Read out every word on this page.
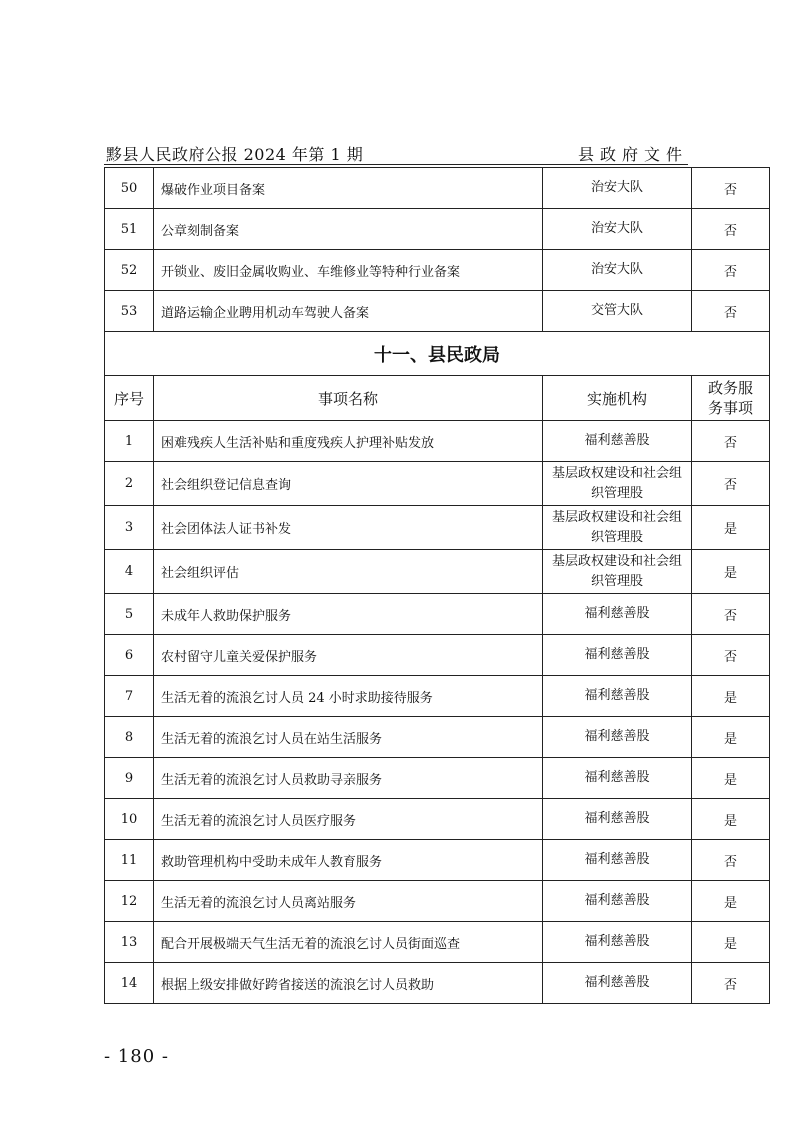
黟县人民政府公报 2024 年第 1 期	县政府文件
50	爆破作业项目备案	治安大队	否
51	公章刻制备案	治安大队	否
52	开锁业、废旧金属收购业、车维修业等特种行业备案	治安大队	否
53	道路运输企业聘用机动车驾驶人备案	交管大队	否
十一、县民政局			
序号	事项名称	实施机构	政务服
务事项
1	困难残疾人生活补贴和重度残疾人护理补贴发放	福利慈善股	否
2	社会组织登记信息查询	基层政权建设和社会组
织管理股	否
3	社会团体法人证书补发	基层政权建设和社会组
织管理股	是
4	社会组织评估	基层政权建设和社会组
织管理股	是
5	未成年人救助保护服务	福利慈善股	否
6	农村留守儿童关爱保护服务	福利慈善股	否
7	生活无着的流浪乞讨人员 24 小时求助接待服务	福利慈善股	是
8	生活无着的流浪乞讨人员在站生活服务	福利慈善股	是
9	生活无着的流浪乞讨人员救助寻亲服务	福利慈善股	是
10	生活无着的流浪乞讨人员医疗服务	福利慈善股	是
11	救助管理机构中受助未成年人教育服务	福利慈善股	否
12	生活无着的流浪乞讨人员离站服务	福利慈善股	是
13	配合开展极端天气生活无着的流浪乞讨人员街面巡查	福利慈善股	是
14	根据上级安排做好跨省接送的流浪乞讨人员救助	福利慈善股	否
- 180 -
